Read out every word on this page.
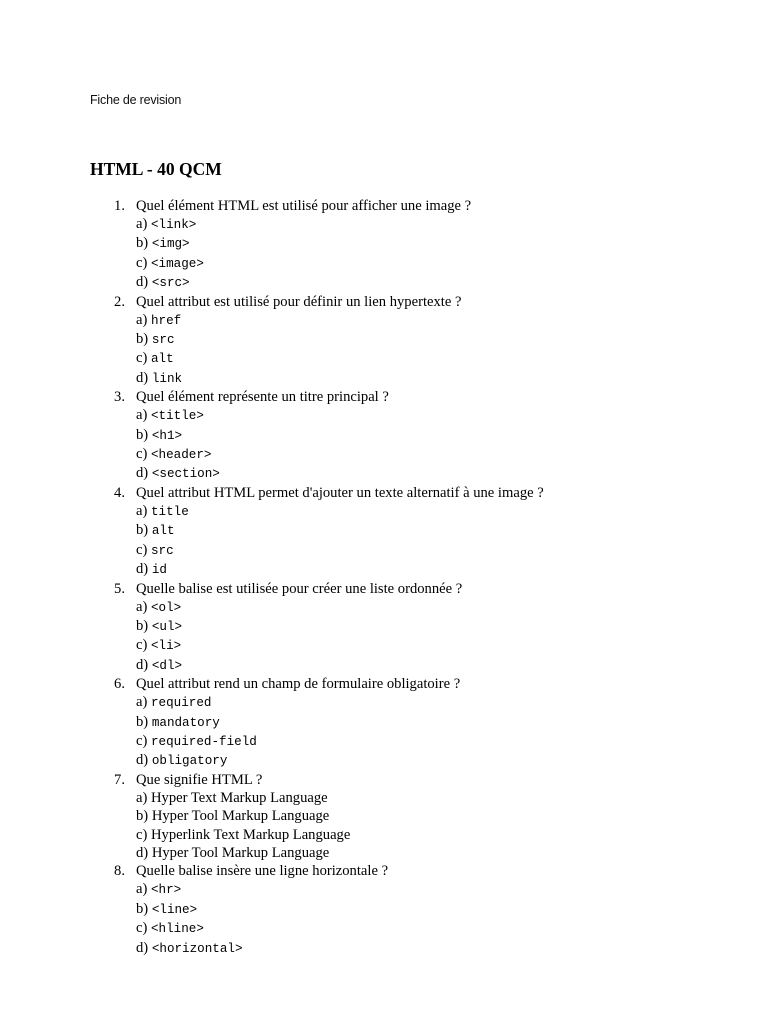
Fiche de revision
HTML - 40 QCM
1. Quel élément HTML est utilisé pour afficher une image ?
a) <link>
b) <img>
c) <image>
d) <src>
2. Quel attribut est utilisé pour définir un lien hypertexte ?
a) href
b) src
c) alt
d) link
3. Quel élément représente un titre principal ?
a) <title>
b) <h1>
c) <header>
d) <section>
4. Quel attribut HTML permet d'ajouter un texte alternatif à une image ?
a) title
b) alt
c) src
d) id
5. Quelle balise est utilisée pour créer une liste ordonnée ?
a) <ol>
b) <ul>
c) <li>
d) <dl>
6. Quel attribut rend un champ de formulaire obligatoire ?
a) required
b) mandatory
c) required-field
d) obligatory
7. Que signifie HTML ?
a) Hyper Text Markup Language
b) Hyper Tool Markup Language
c) Hyperlink Text Markup Language
d) Hyper Tool Markup Language
8. Quelle balise insère une ligne horizontale ?
a) <hr>
b) <line>
c) <hline>
d) <horizontal>
